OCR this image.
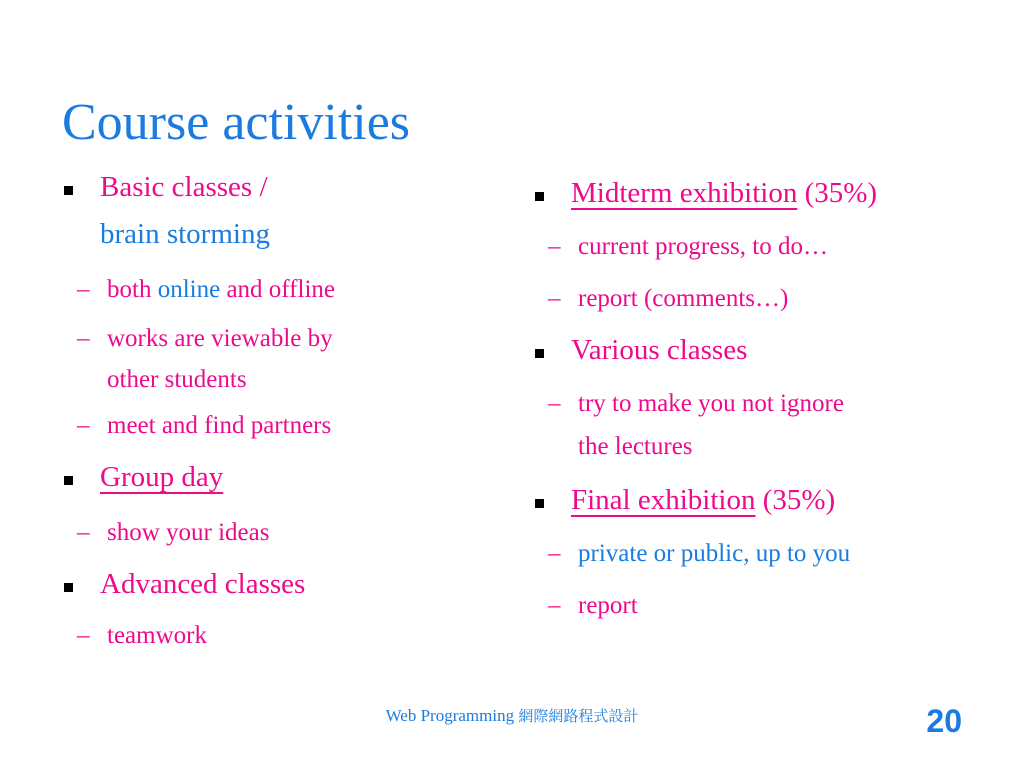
Course activities
Basic classes /
brain storming
– both online and offline
– works are viewable by
other students
– meet and find partners
Group day
– show your ideas
Advanced classes
– teamwork
Midterm exhibition (35%)
– current progress, to do…
– report (comments…)
Various classes
– try to make you not ignore
the lectures
Final exhibition (35%)
– private or public, up to you
– report
Web Programming 網際網路程式設計	20
